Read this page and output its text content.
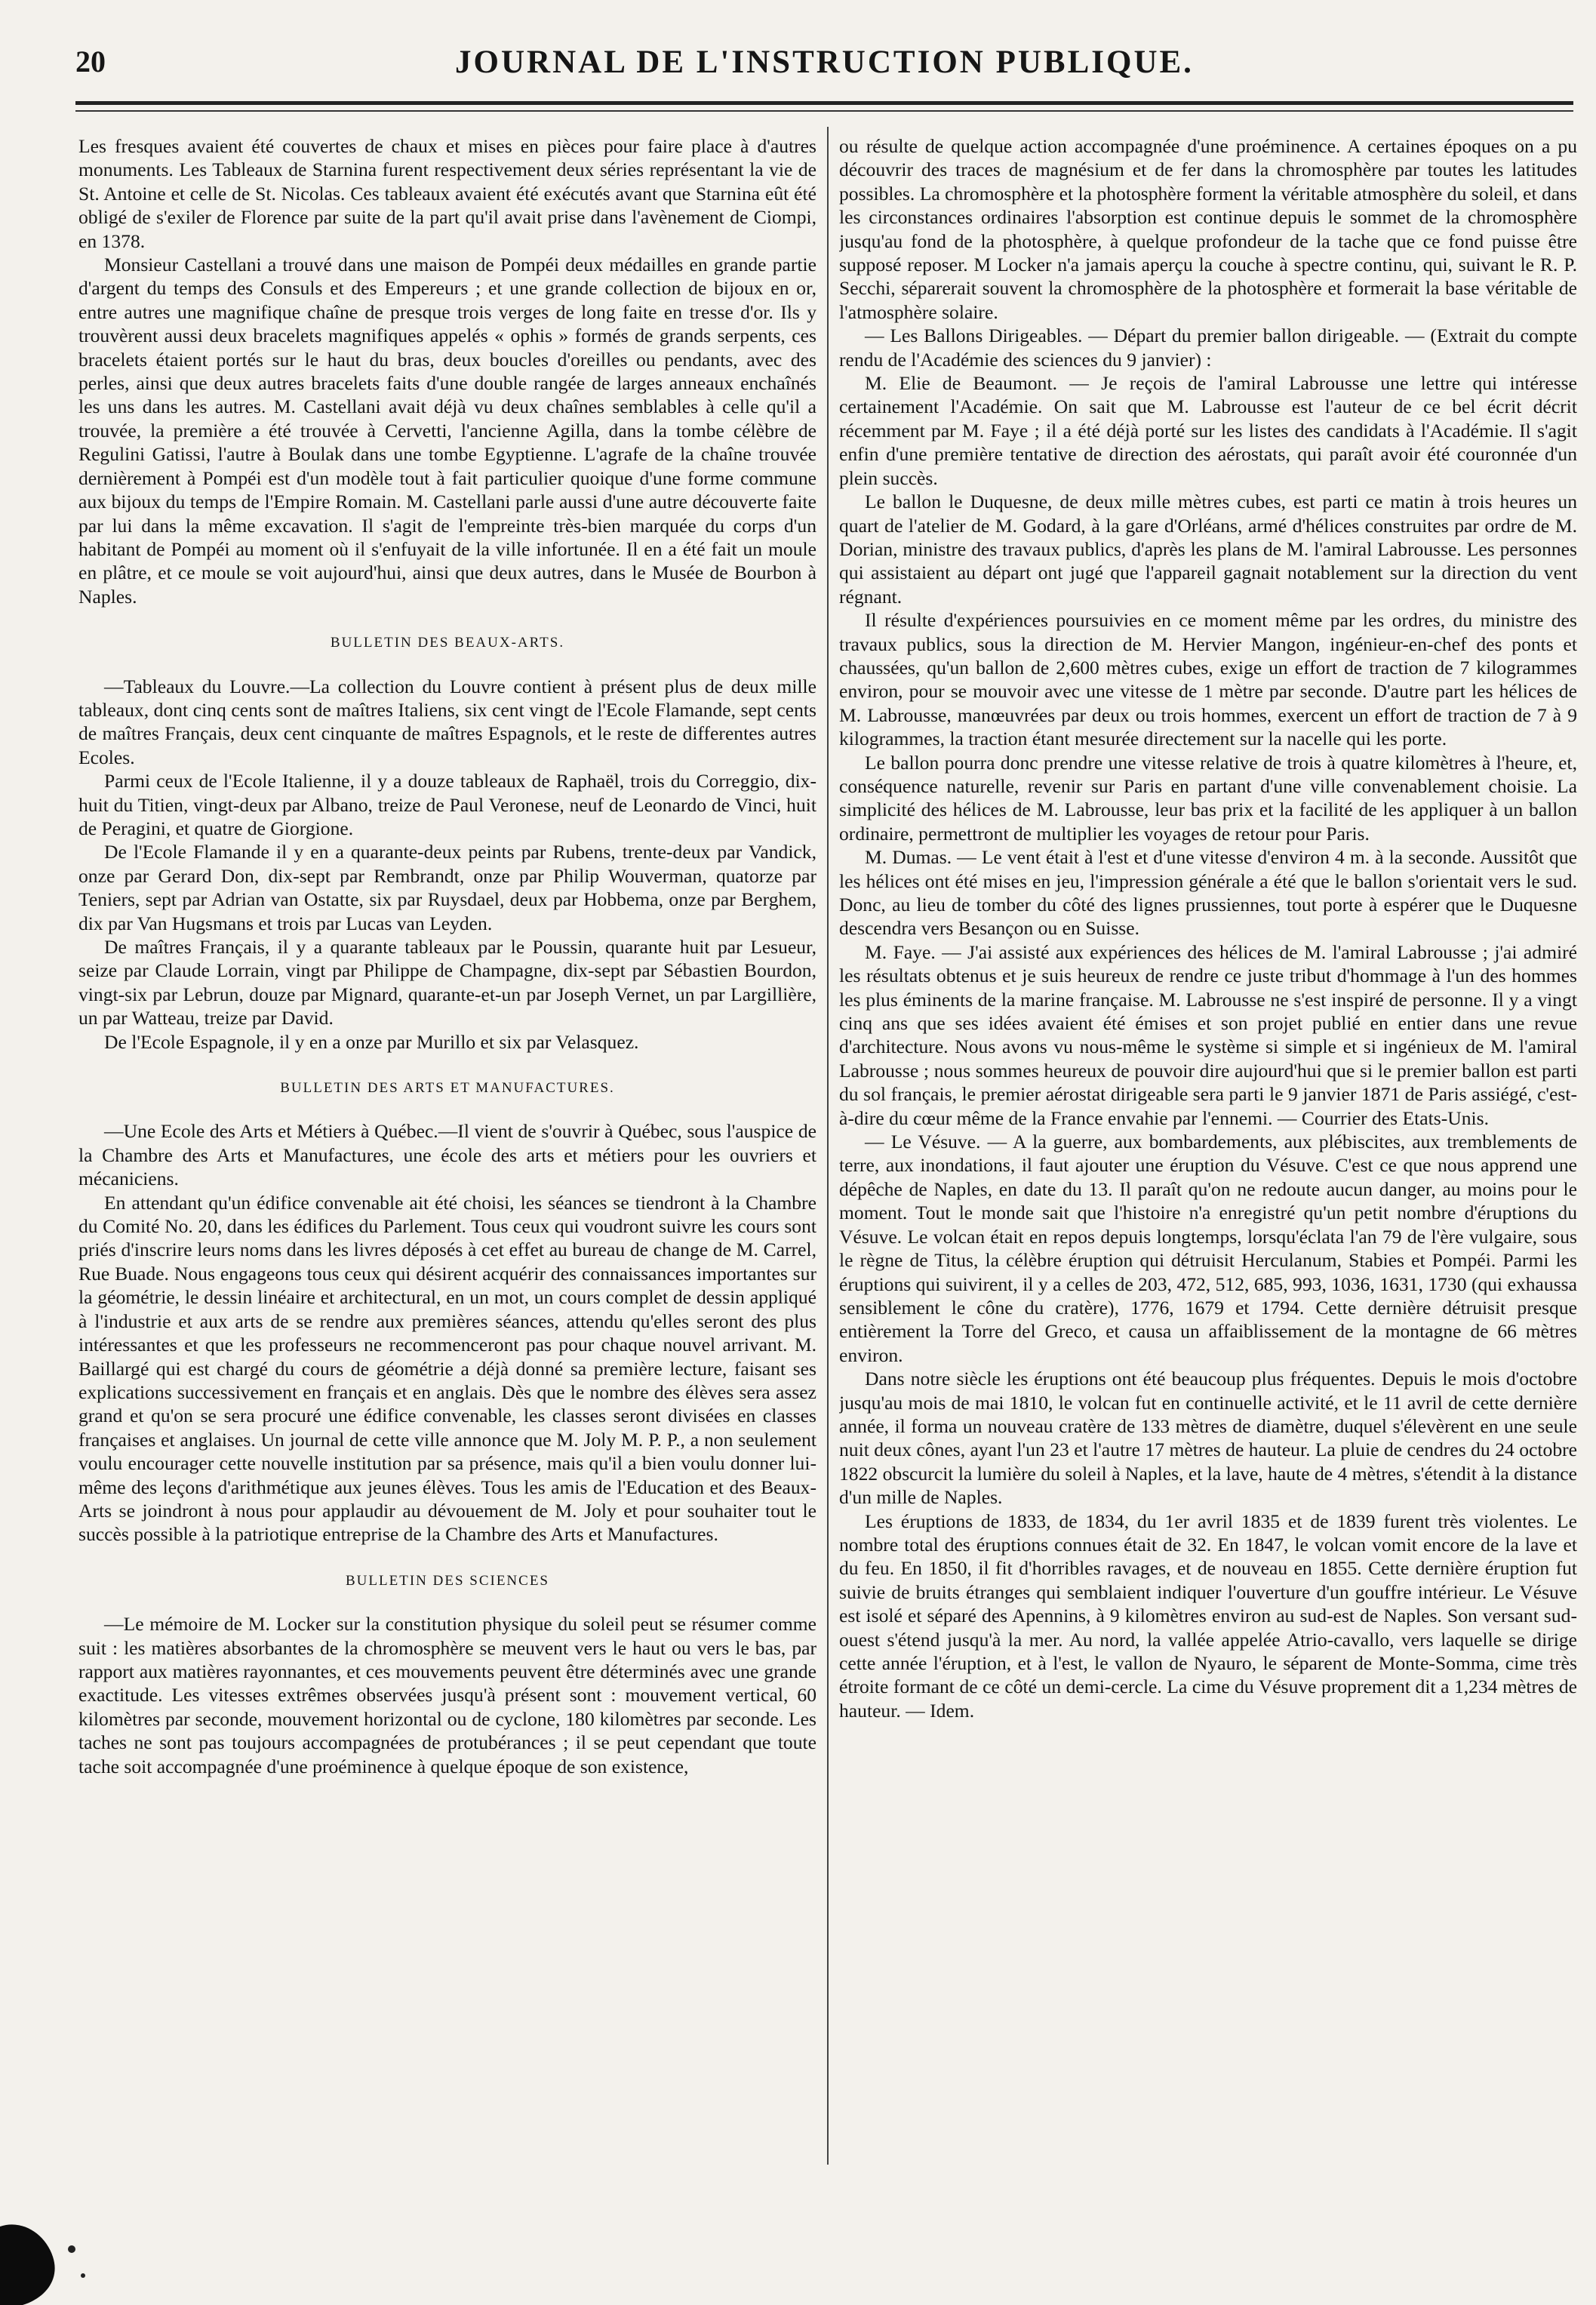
20	JOURNAL DE L'INSTRUCTION PUBLIQUE.

Les fresques avaient été couvertes de chaux et mises en pièces pour faire place à d'autres monuments. Les Tableaux de Starnina furent respectivement deux séries représentant la vie de St. Antoine et celle de St. Nicolas. Ces tableaux avaient été exécutés avant que Starnina eût été obligé de s'exiler de Florence par suite de la part qu'il avait prise dans l'avènement de Ciompi, en 1378.

Monsieur Castellani a trouvé dans une maison de Pompéi deux médailles en grande partie d'argent du temps des Consuls et des Empereurs ; et une grande collection de bijoux en or, entre autres une magnifique chaîne de presque trois verges de long faite en tresse d'or. Ils y trouvèrent aussi deux bracelets magnifiques appelés « ophis » formés de grands serpents, ces bracelets étaient portés sur le haut du bras, deux boucles d'oreilles ou pendants, avec des perles, ainsi que deux autres bracelets faits d'une double rangée de larges anneaux enchaînés les uns dans les autres. M. Castellani avait déjà vu deux chaînes semblables à celle qu'il a trouvée, la première a été trouvée à Cervetti, l'ancienne Agilla, dans la tombe célèbre de Regulini Gatissi, l'autre à Boulak dans une tombe Egyptienne. L'agrafe de la chaîne trouvée dernièrement à Pompéi est d'un modèle tout à fait particulier quoique d'une forme commune aux bijoux du temps de l'Empire Romain. M. Castellani parle aussi d'une autre découverte faite par lui dans la même excavation. Il s'agit de l'empreinte très-bien marquée du corps d'un habitant de Pompéi au moment où il s'enfuyait de la ville infortunée. Il en a été fait un moule en plâtre, et ce moule se voit aujourd'hui, ainsi que deux autres, dans le Musée de Bourbon à Naples.

BULLETIN DES BEAUX-ARTS.

—Tableaux du Louvre.—La collection du Louvre contient à présent plus de deux mille tableaux, dont cinq cents sont de maîtres Italiens, six cent vingt de l'Ecole Flamande, sept cents de maîtres Français, deux cent cinquante de maîtres Espagnols, et le reste de differentes autres Ecoles.

Parmi ceux de l'Ecole Italienne, il y a douze tableaux de Raphaël, trois du Correggio, dix-huit du Titien, vingt-deux par Albano, treize de Paul Veronese, neuf de Leonardo de Vinci, huit de Peragini, et quatre de Giorgione.

De l'Ecole Flamande il y en a quarante-deux peints par Rubens, trente-deux par Vandick, onze par Gerard Don, dix-sept par Rembrandt, onze par Philip Wouverman, quatorze par Teniers, sept par Adrian van Ostatte, six par Ruysdael, deux par Hobbema, onze par Berghem, dix par Van Hugsmans et trois par Lucas van Leyden.

De maîtres Français, il y a quarante tableaux par le Poussin, quarante huit par Lesueur, seize par Claude Lorrain, vingt par Philippe de Champagne, dix-sept par Sébastien Bourdon, vingt-six par Lebrun, douze par Mignard, quarante-et-un par Joseph Vernet, un par Largillière, un par Watteau, treize par David.

De l'Ecole Espagnole, il y en a onze par Murillo et six par Velasquez.

BULLETIN DES ARTS ET MANUFACTURES.

—Une Ecole des Arts et Métiers à Québec.—Il vient de s'ouvrir à Québec, sous l'auspice de la Chambre des Arts et Manufactures, une école des arts et métiers pour les ouvriers et mécaniciens.

En attendant qu'un édifice convenable ait été choisi, les séances se tiendront à la Chambre du Comité No. 20, dans les édifices du Parlement. Tous ceux qui voudront suivre les cours sont priés d'inscrire leurs noms dans les livres déposés à cet effet au bureau de change de M. Carrel, Rue Buade. Nous engageons tous ceux qui désirent acquérir des connaissances importantes sur la géométrie, le dessin linéaire et architectural, en un mot, un cours complet de dessin appliqué à l'industrie et aux arts de se rendre aux premières séances, attendu qu'elles seront des plus intéressantes et que les professeurs ne recommenceront pas pour chaque nouvel arrivant. M. Baillargé qui est chargé du cours de géométrie a déjà donné sa première lecture, faisant ses explications successivement en français et en anglais. Dès que le nombre des élèves sera assez grand et qu'on se sera procuré une édifice convenable, les classes seront divisées en classes françaises et anglaises. Un journal de cette ville annonce que M. Joly M. P. P., a non seulement voulu encourager cette nouvelle institution par sa présence, mais qu'il a bien voulu donner lui-même des leçons d'arithmétique aux jeunes élèves. Tous les amis de l'Education et des Beaux-Arts se joindront à nous pour applaudir au dévouement de M. Joly et pour souhaiter tout le succès possible à la patriotique entreprise de la Chambre des Arts et Manufactures.

BULLETIN DES SCIENCES

—Le mémoire de M. Locker sur la constitution physique du soleil peut se résumer comme suit : les matières absorbantes de la chromosphère se meuvent vers le haut ou vers le bas, par rapport aux matières rayonnantes, et ces mouvements peuvent être déterminés avec une grande exactitude. Les vitesses extrêmes observées jusqu'à présent sont : mouvement vertical, 60 kilomètres par seconde, mouvement horizontal ou de cyclone, 180 kilomètres par seconde. Les taches ne sont pas toujours accompagnées de protubérances ; il se peut cependant que toute tache soit accompagnée d'une proéminence à quelque époque de son existence,

ou résulte de quelque action accompagnée d'une proéminence. A certaines époques on a pu découvrir des traces de magnésium et de fer dans la chromosphère par toutes les latitudes possibles. La chromosphère et la photosphère forment la véritable atmosphère du soleil, et dans les circonstances ordinaires l'absorption est continue depuis le sommet de la chromosphère jusqu'au fond de la photosphère, à quelque profondeur de la tache que ce fond puisse être supposé reposer. M Locker n'a jamais aperçu la couche à spectre continu, qui, suivant le R. P. Secchi, séparerait souvent la chromosphère de la photosphère et formerait la base véritable de l'atmosphère solaire.

— Les Ballons Dirigeables. — Départ du premier ballon dirigeable. — (Extrait du compte rendu de l'Académie des sciences du 9 janvier) :

M. Elie de Beaumont. — Je reçois de l'amiral Labrousse une lettre qui intéresse certainement l'Académie. On sait que M. Labrousse est l'auteur de ce bel écrit décrit récemment par M. Faye ; il a été déjà porté sur les listes des candidats à l'Académie. Il s'agit enfin d'une première tentative de direction des aérostats, qui paraît avoir été couronnée d'un plein succès.

Le ballon le Duquesne, de deux mille mètres cubes, est parti ce matin à trois heures un quart de l'atelier de M. Godard, à la gare d'Orléans, armé d'hélices construites par ordre de M. Dorian, ministre des travaux publics, d'après les plans de M. l'amiral Labrousse. Les personnes qui assistaient au départ ont jugé que l'appareil gagnait notablement sur la direction du vent régnant.

Il résulte d'expériences poursuivies en ce moment même par les ordres, du ministre des travaux publics, sous la direction de M. Hervier Mangon, ingénieur-en-chef des ponts et chaussées, qu'un ballon de 2,600 mètres cubes, exige un effort de traction de 7 kilogrammes environ, pour se mouvoir avec une vitesse de 1 mètre par seconde. D'autre part les hélices de M. Labrousse, manœuvrées par deux ou trois hommes, exercent un effort de traction de 7 à 9 kilogrammes, la traction étant mesurée directement sur la nacelle qui les porte.

Le ballon pourra donc prendre une vitesse relative de trois à quatre kilomètres à l'heure, et, conséquence naturelle, revenir sur Paris en partant d'une ville convenablement choisie. La simplicité des hélices de M. Labrousse, leur bas prix et la facilité de les appliquer à un ballon ordinaire, permettront de multiplier les voyages de retour pour Paris.

M. Dumas. — Le vent était à l'est et d'une vitesse d'environ 4 m. à la seconde. Aussitôt que les hélices ont été mises en jeu, l'impression générale a été que le ballon s'orientait vers le sud. Donc, au lieu de tomber du côté des lignes prussiennes, tout porte à espérer que le Duquesne descendra vers Besançon ou en Suisse.

M. Faye. — J'ai assisté aux expériences des hélices de M. l'amiral Labrousse ; j'ai admiré les résultats obtenus et je suis heureux de rendre ce juste tribut d'hommage à l'un des hommes les plus éminents de la marine française. M. Labrousse ne s'est inspiré de personne. Il y a vingt cinq ans que ses idées avaient été émises et son projet publié en entier dans une revue d'architecture. Nous avons vu nous-même le système si simple et si ingénieux de M. l'amiral Labrousse ; nous sommes heureux de pouvoir dire aujourd'hui que si le premier ballon est parti du sol français, le premier aérostat dirigeable sera parti le 9 janvier 1871 de Paris assiégé, c'est-à-dire du cœur même de la France envahie par l'ennemi. — Courrier des Etats-Unis.

— Le Vésuve. — A la guerre, aux bombardements, aux plébiscites, aux tremblements de terre, aux inondations, il faut ajouter une éruption du Vésuve. C'est ce que nous apprend une dépêche de Naples, en date du 13. Il paraît qu'on ne redoute aucun danger, au moins pour le moment. Tout le monde sait que l'histoire n'a enregistré qu'un petit nombre d'éruptions du Vésuve. Le volcan était en repos depuis longtemps, lorsqu'éclata l'an 79 de l'ère vulgaire, sous le règne de Titus, la célèbre éruption qui détruisit Herculanum, Stabies et Pompéi. Parmi les éruptions qui suivirent, il y a celles de 203, 472, 512, 685, 993, 1036, 1631, 1730 (qui exhaussa sensiblement le cône du cratère), 1776, 1679 et 1794. Cette dernière détruisit presque entièrement la Torre del Greco, et causa un affaiblissement de la montagne de 66 mètres environ.

Dans notre siècle les éruptions ont été beaucoup plus fréquentes. Depuis le mois d'octobre jusqu'au mois de mai 1810, le volcan fut en continuelle activité, et le 11 avril de cette dernière année, il forma un nouveau cratère de 133 mètres de diamètre, duquel s'élevèrent en une seule nuit deux cônes, ayant l'un 23 et l'autre 17 mètres de hauteur. La pluie de cendres du 24 octobre 1822 obscurcit la lumière du soleil à Naples, et la lave, haute de 4 mètres, s'étendit à la distance d'un mille de Naples.

Les éruptions de 1833, de 1834, du 1er avril 1835 et de 1839 furent très violentes. Le nombre total des éruptions connues était de 32. En 1847, le volcan vomit encore de la lave et du feu. En 1850, il fit d'horribles ravages, et de nouveau en 1855. Cette dernière éruption fut suivie de bruits étranges qui semblaient indiquer l'ouverture d'un gouffre intérieur. Le Vésuve est isolé et séparé des Apennins, à 9 kilomètres environ au sud-est de Naples. Son versant sud-ouest s'étend jusqu'à la mer. Au nord, la vallée appelée Atrio-cavallo, vers laquelle se dirige cette année l'éruption, et à l'est, le vallon de Nyauro, le séparent de Monte-Somma, cime très étroite formant de ce côté un demi-cercle. La cime du Vésuve proprement dit a 1,234 mètres de hauteur. — Idem.
